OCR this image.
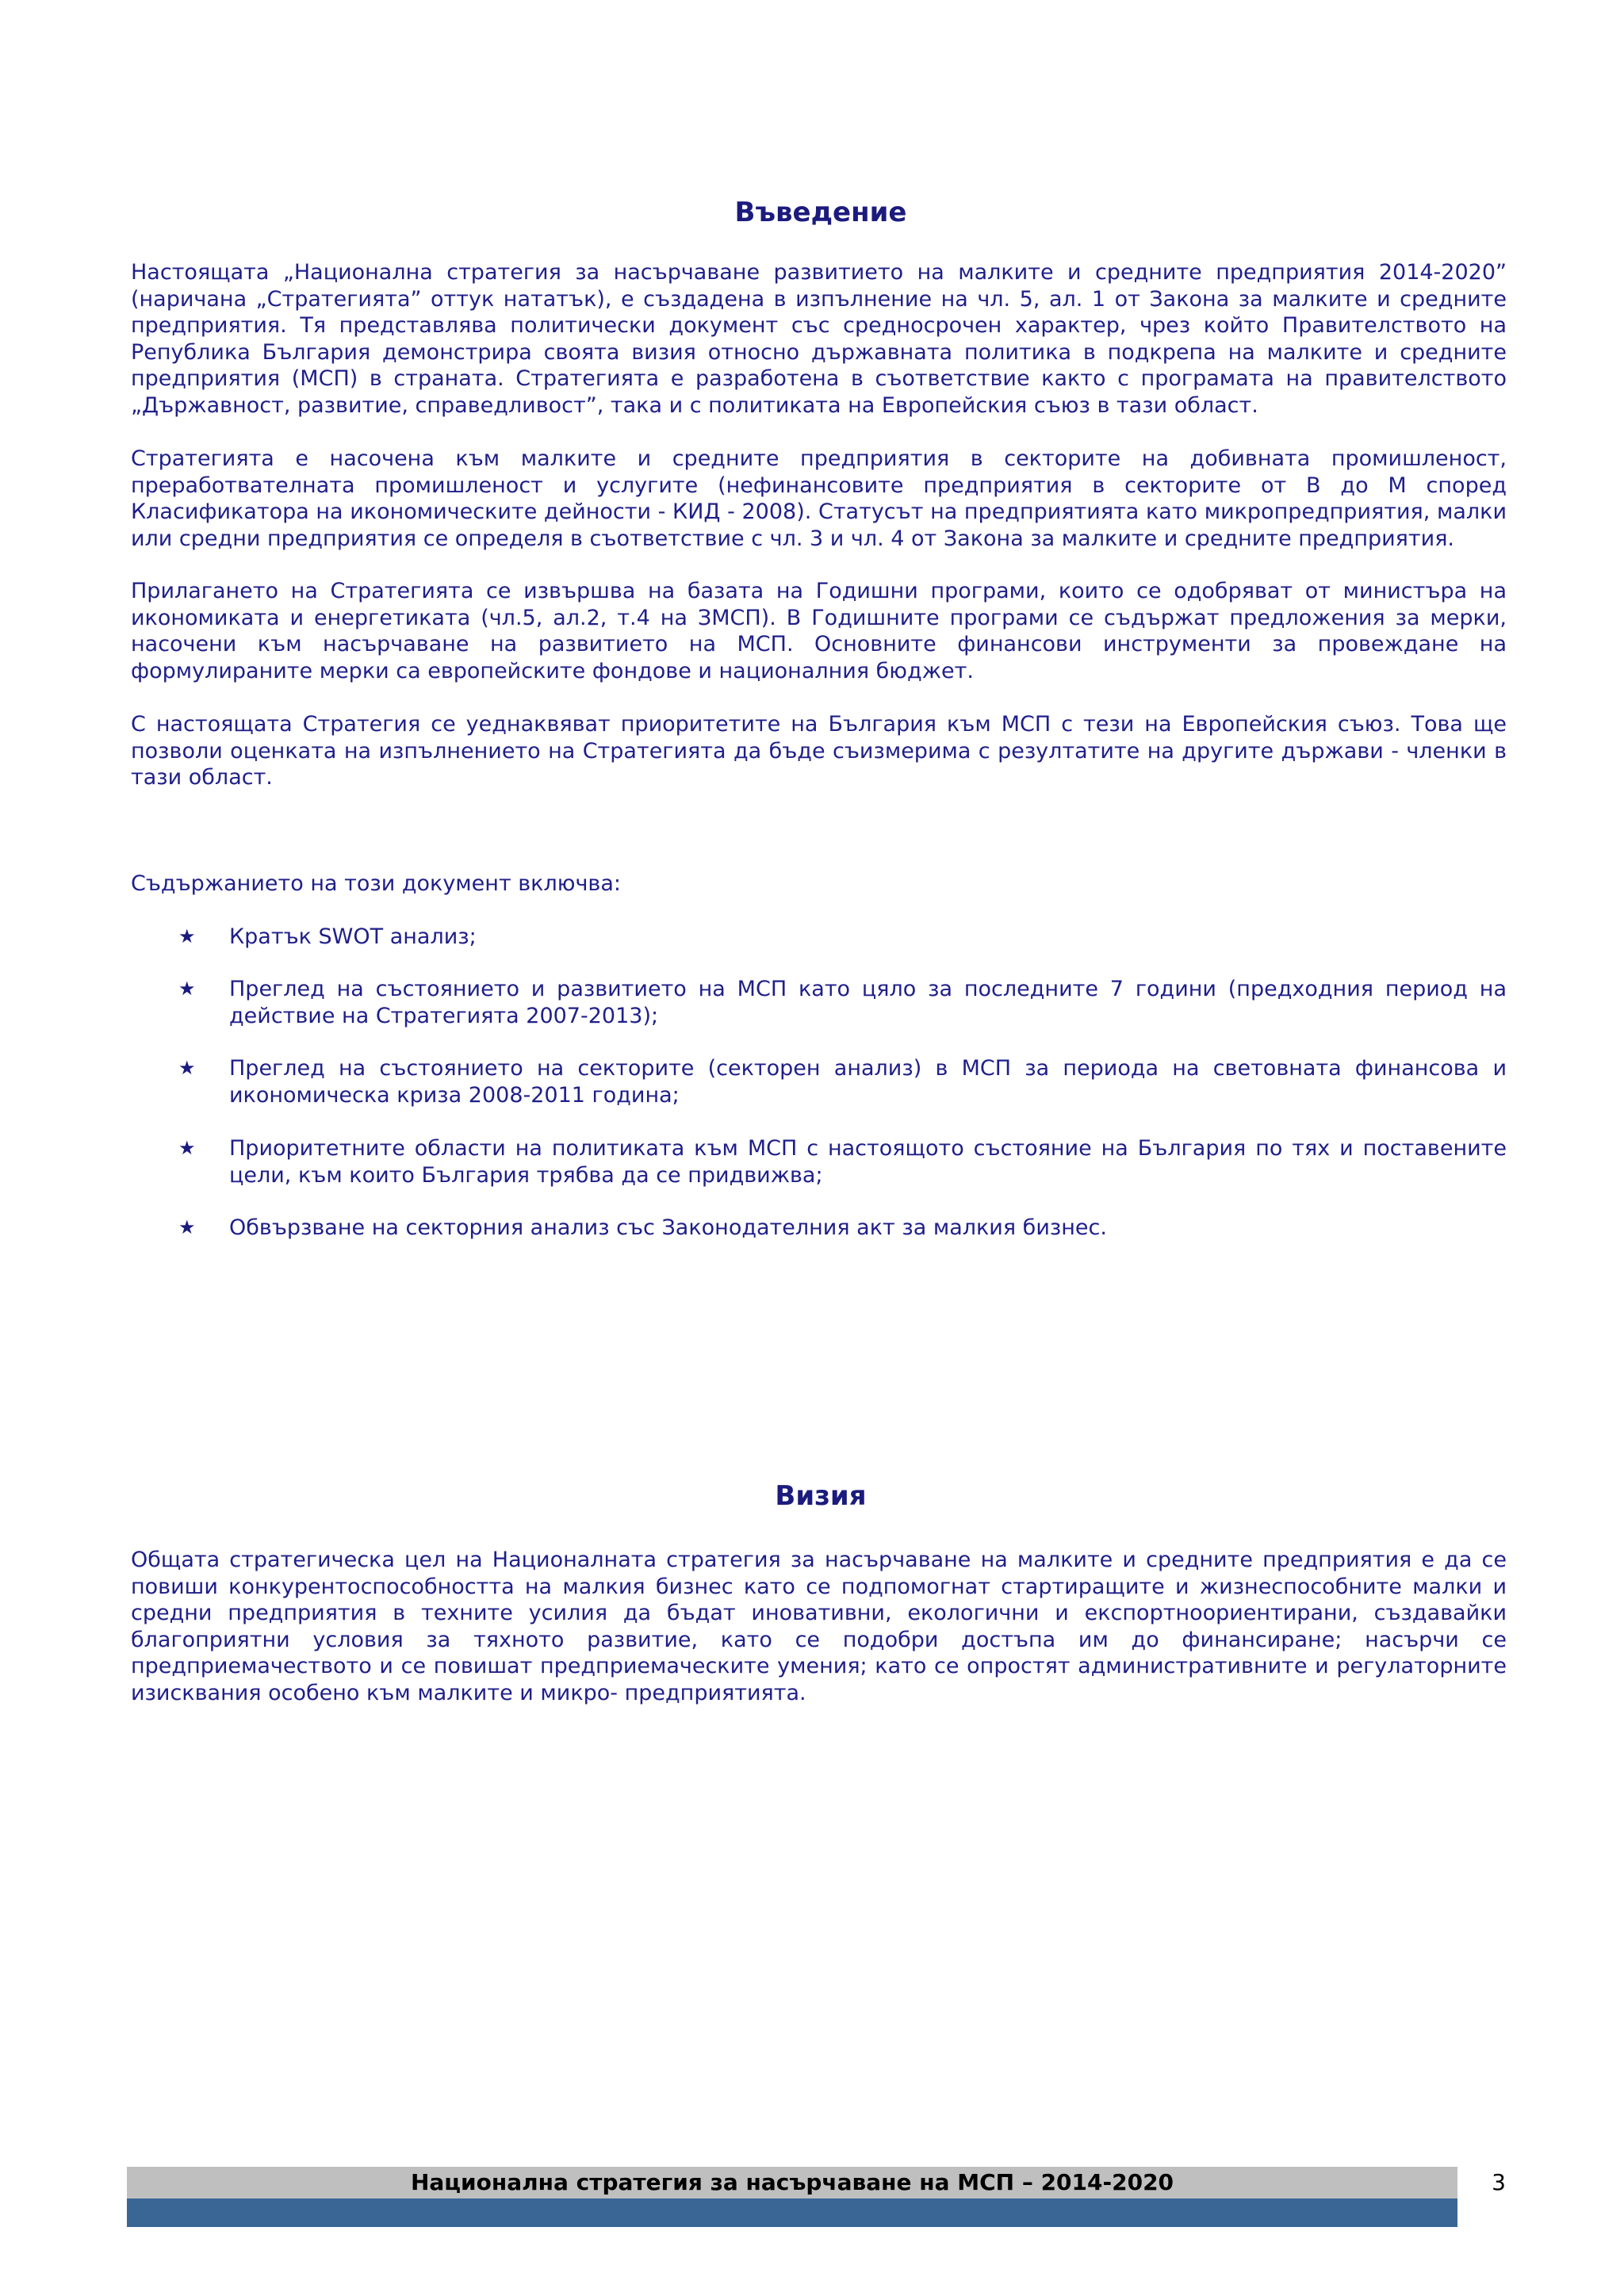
Въведение

Настоящата „Национална стратегия за насърчаване развитието на малките и средните предприятия 2014-2020” (наричана „Стратегията” оттук нататък), е създадена в изпълнение на чл. 5, ал. 1 от Закона за малките и средните предприятия. Тя представлява политически документ със средносрочен характер, чрез който Правителството на Република България демонстрира своята визия относно държавната политика в подкрепа на малките и средните предприятия (МСП) в страната. Стратегията е разработена в съответствие както с програмата на правителството „Държавност, развитие, справедливост”, така и с политиката на Европейския съюз в тази област.

Стратегията е насочена към малките и средните предприятия в секторите на добивната промишленост, преработвателната промишленост и услугите (нефинансовите предприятия в секторите от В до М според Класификатора на икономическите дейности - КИД - 2008). Статусът на предприятията като микропредприятия, малки или средни предприятия се определя в съответствие с чл. 3 и чл. 4 от Закона за малките и средните предприятия.

Прилагането на Стратегията се извършва на базата на Годишни програми, които се одобряват от министъра на икономиката и енергетиката (чл.5, ал.2, т.4 на ЗМСП). В Годишните програми се съдържат предложения за мерки, насочени към насърчаване на развитието на МСП. Основните финансови инструменти за провеждане на формулираните мерки са европейските фондове и националния бюджет.

С настоящата Стратегия се уеднаквяват приоритетите на България към МСП с тези на Европейския съюз. Това ще позволи оценката на изпълнението на Стратегията да бъде съизмерима с резултатите на другите държави - членки в тази област.

Съдържанието на този документ включва:

★ Кратък SWOT анализ;
★ Преглед на състоянието и развитието на МСП като цяло за последните 7 години (предходния период на действие на Стратегията 2007-2013);
★ Преглед на състоянието на секторите (секторен анализ) в МСП за периода на световната финансова и икономическа криза 2008-2011 година;
★ Приоритетните области на политиката към МСП с настоящото състояние на България по тях и поставените цели, към които България трябва да се придвижва;
★ Обвързване на секторния анализ със Законодателния акт за малкия бизнес.
Визия

Общата стратегическа цел на Националната стратегия за насърчаване на малките и средните предприятия е да се повиши конкурентоспособността на малкия бизнес като се подпомогнат стартиращите и жизнеспособните малки и средни предприятия в техните усилия да бъдат иновативни, екологични и експортноориентирани, създавайки благоприятни условия за тяхното развитие, като се подобри достъпа им до финансиране; насърчи се предприемачеството и се повишат предприемаческите умения; като се опростят административните и регулаторните изисквания особено към малките и микро- предприятията.

Национална стратегия за насърчаване на МСП – 2014-2020	3
